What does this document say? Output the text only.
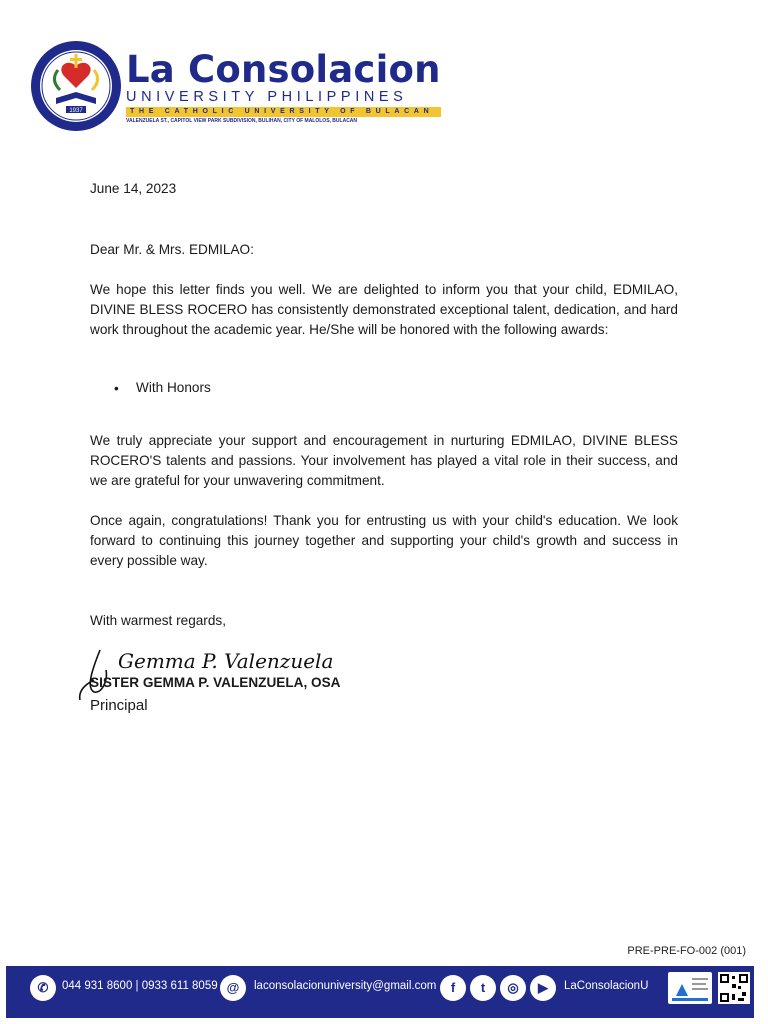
1937
La Consolacion
UNIVERSITY PHILIPPINES
THE CATHOLIC UNIVERSITY OF BULACAN
VALENZUELA ST., CAPITOL VIEW PARK SUBDIVISION, BULIHAN, CITY OF MALOLOS, BULACAN
June 14, 2023
Dear Mr. & Mrs. EDMILAO:
We hope this letter finds you well. We are delighted to inform you that your child, EDMILAO, DIVINE BLESS ROCERO has consistently demonstrated exceptional talent, dedication, and hard work throughout the academic year. He/She will be honored with the following awards:
• With Honors
We truly appreciate your support and encouragement in nurturing EDMILAO, DIVINE BLESS ROCERO'S talents and passions. Your involvement has played a vital role in their success, and we are grateful for your unwavering commitment.
Once again, congratulations! Thank you for entrusting us with your child's education. We look forward to continuing this journey together and supporting your child's growth and success in every possible way.
With warmest regards,
Gemma P. Valenzuela
SISTER GEMMA P. VALENZUELA, OSA
Principal
PRE-PRE-FO-002 (001)
✆	044 931 8600 | 0933 611 8059 @	laconsolacionuniversity@gmail.com	f	t	◎	▶	LaConsolacionU
